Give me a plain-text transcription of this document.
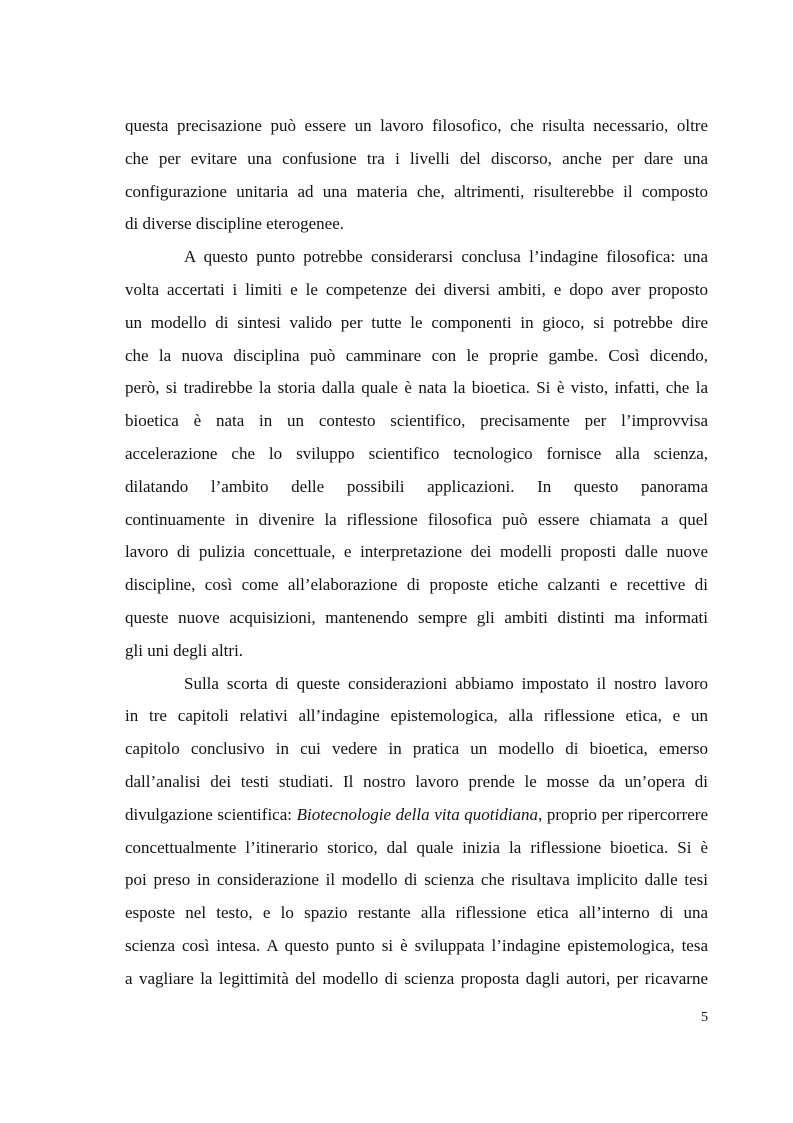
questa precisazione può essere un lavoro filosofico, che risulta necessario, oltre
che per evitare una confusione tra i livelli del discorso, anche per dare una
configurazione unitaria ad una materia che, altrimenti, risulterebbe il composto
di diverse discipline eterogenee.

A questo punto potrebbe considerarsi conclusa l’indagine filosofica: una
volta accertati i limiti e le competenze dei diversi ambiti, e dopo aver proposto
un modello di sintesi valido per tutte le componenti in gioco, si potrebbe dire
che la nuova disciplina può camminare con le proprie gambe. Così dicendo,
però, si tradirebbe la storia dalla quale è nata la bioetica. Si è visto, infatti, che la
bioetica è nata in un contesto scientifico, precisamente per l’improvvisa
accelerazione che lo sviluppo scientifico tecnologico fornisce alla scienza,
dilatando l’ambito delle possibili applicazioni. In questo panorama
continuamente in divenire la riflessione filosofica può essere chiamata a quel
lavoro di pulizia concettuale, e interpretazione dei modelli proposti dalle nuove
discipline, così come all’elaborazione di proposte etiche calzanti e recettive di
queste nuove acquisizioni, mantenendo sempre gli ambiti distinti ma informati
gli uni degli altri.

Sulla scorta di queste considerazioni abbiamo impostato il nostro lavoro
in tre capitoli relativi all’indagine epistemologica, alla riflessione etica, e un
capitolo conclusivo in cui vedere in pratica un modello di bioetica, emerso
dall’analisi dei testi studiati. Il nostro lavoro prende le mosse da un’opera di
divulgazione scientifica: Biotecnologie della vita quotidiana, proprio per ripercorrere
concettualmente l’itinerario storico, dal quale inizia la riflessione bioetica. Si è
poi preso in considerazione il modello di scienza che risultava implicito dalle tesi
esposte nel testo, e lo spazio restante alla riflessione etica all’interno di una
scienza così intesa. A questo punto si è sviluppata l’indagine epistemologica, tesa
a vagliare la legittimità del modello di scienza proposta dagli autori, per ricavarne

5
